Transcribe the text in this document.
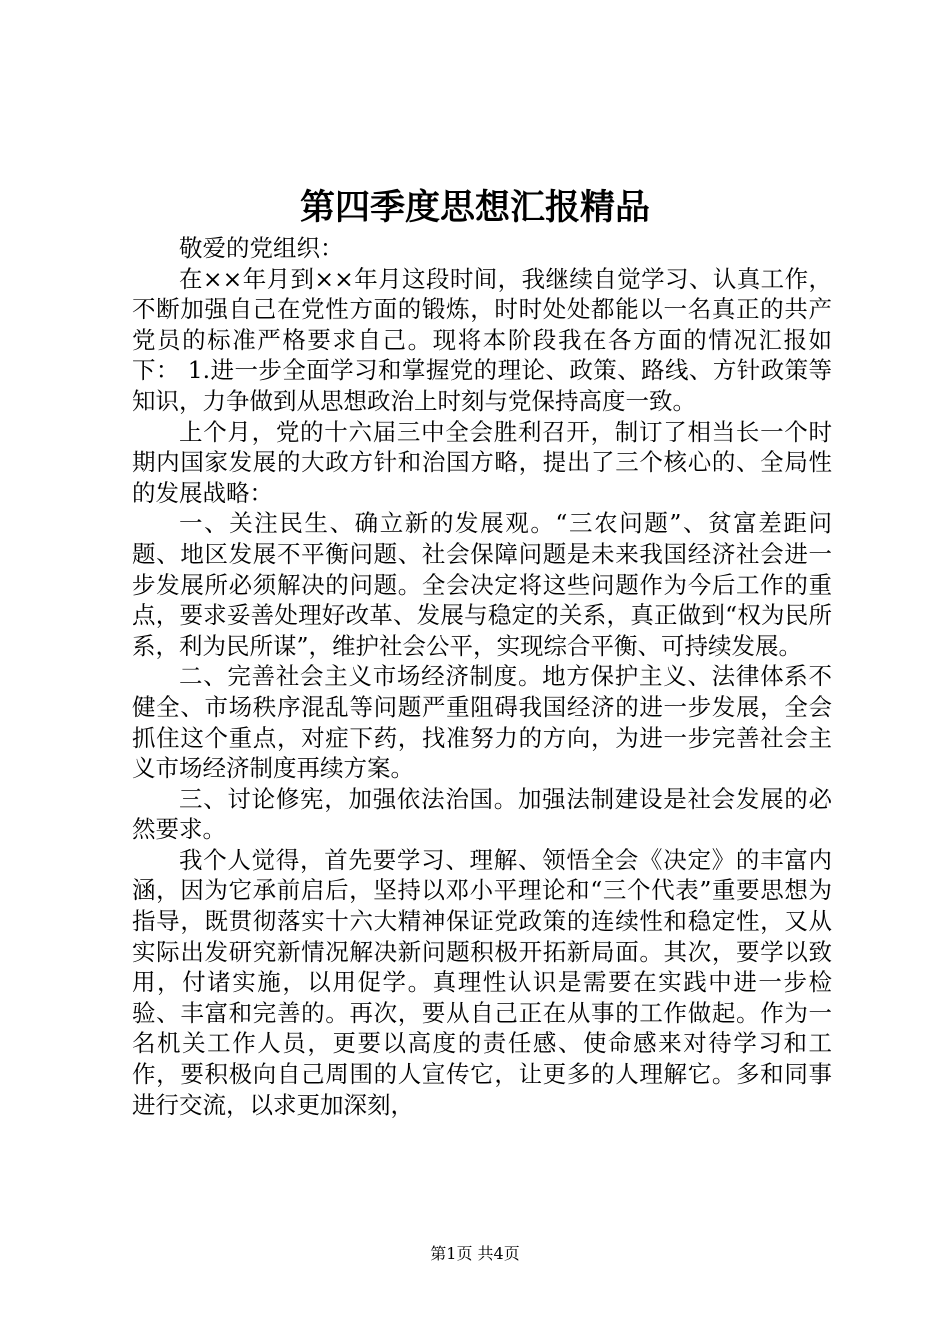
第四季度思想汇报精品

敬爱的党组织：

在××年月到××年月这段时间，我继续自觉学习、认真工作，不断加强自己在党性方面的锻炼，时时处处都能以一名真正的共产党员的标准严格要求自己。现将本阶段我在各方面的情况汇报如下： 1.进一步全面学习和掌握党的理论、政策、路线、方针政策等知识，力争做到从思想政治上时刻与党保持高度一致。

上个月，党的十六届三中全会胜利召开，制订了相当长一个时期内国家发展的大政方针和治国方略，提出了三个核心的、全局性的发展战略：

一、关注民生、确立新的发展观。“三农问题”、贫富差距问题、地区发展不平衡问题、社会保障问题是未来我国经济社会进一步发展所必须解决的问题。全会决定将这些问题作为今后工作的重点，要求妥善处理好改革、发展与稳定的关系，真正做到“权为民所系，利为民所谋”，维护社会公平，实现综合平衡、可持续发展。

二、完善社会主义市场经济制度。地方保护主义、法律体系不健全、市场秩序混乱等问题严重阻碍我国经济的进一步发展，全会抓住这个重点，对症下药，找准努力的方向，为进一步完善社会主义市场经济制度再续方案。

三、讨论修宪，加强依法治国。加强法制建设是社会发展的必然要求。

我个人觉得，首先要学习、理解、领悟全会《决定》的丰富内涵，因为它承前启后，坚持以邓小平理论和“三个代表”重要思想为指导，既贯彻落实十六大精神保证党政策的连续性和稳定性，又从实际出发研究新情况解决新问题积极开拓新局面。其次，要学以致用，付诸实施，以用促学。真理性认识是需要在实践中进一步检验、丰富和完善的。再次，要从自己正在从事的工作做起。作为一名机关工作人员，更要以高度的责任感、使命感来对待学习和工作，要积极向自己周围的人宣传它，让更多的人理解它。多和同事进行交流，以求更加深刻，

第1页 共4页
